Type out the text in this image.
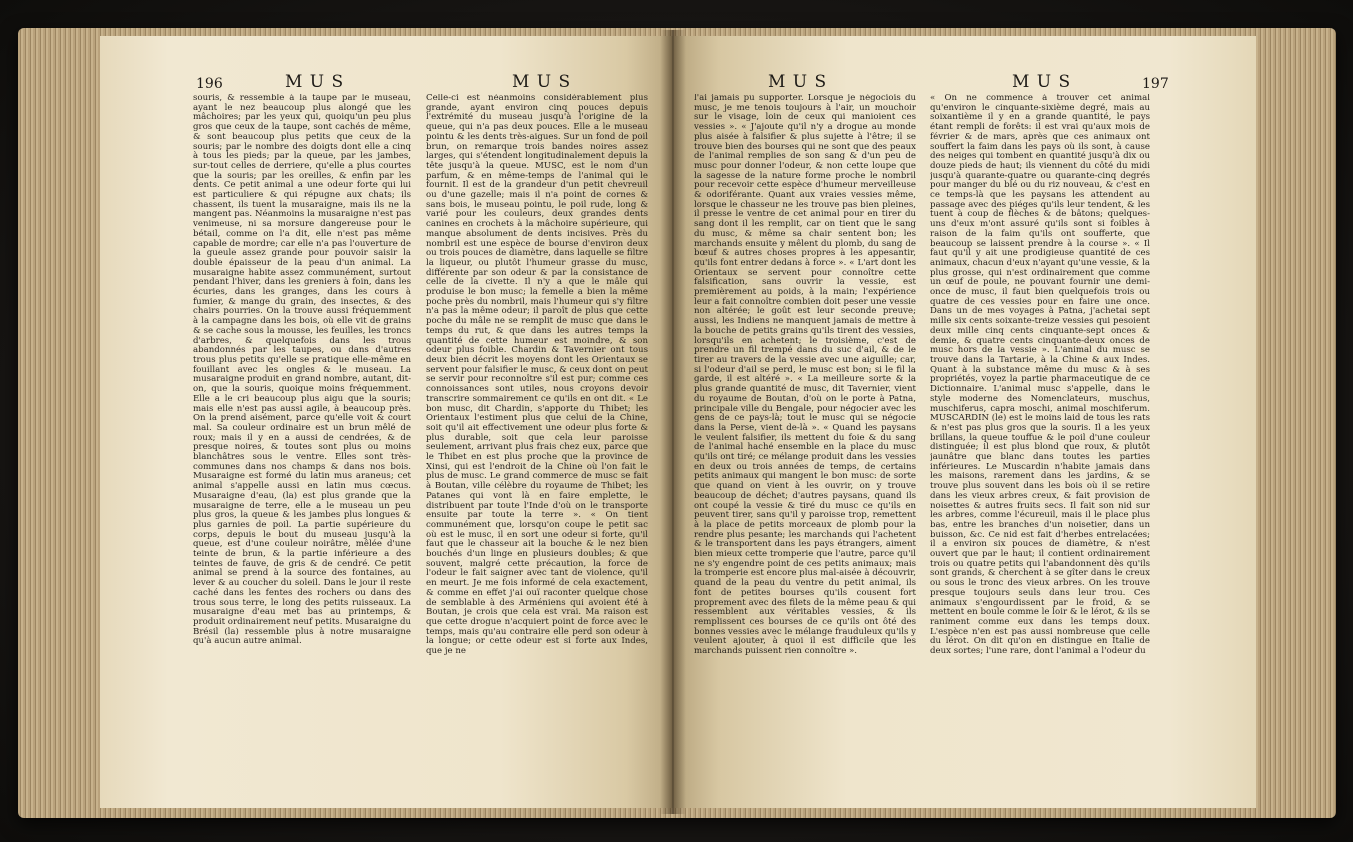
196	M U S	M U S	M U S	M U S	197

souris, & ressemble à la taupe par le museau, ayant le nez beaucoup plus alongé que les mâchoires; par les yeux qui, quoiqu'un peu plus gros que ceux de la taupe, sont cachés de même, & sont beaucoup plus petits que ceux de la souris; par le nombre des doigts dont elle a cinq à tous les pieds; par la queue, par les jambes, sur-tout celles de derriere, qu'elle a plus courtes que la souris; par les oreilles, & enfin par les dents. Ce petit animal a une odeur forte qui lui est particuliere & qui répugne aux chats; ils chassent, ils tuent la musaraigne, mais ils ne la mangent pas. Néanmoins la musaraigne n'est pas venimeuse, ni sa morsure dangereuse pour le bétail, comme on l'a dit, elle n'est pas même capable de mordre; car elle n'a pas l'ouverture de la gueule assez grande pour pouvoir saisir la double épaisseur de la peau d'un animal. La musaraigne habite assez communément, surtout pendant l'hiver, dans les greniers à foin, dans les écuries, dans les granges, dans les cours à fumier, & mange du grain, des insectes, & des chairs pourries. On la trouve aussi fréquemment à la campagne dans les bois, où elle vit de grains & se cache sous la mousse, les feuilles, les troncs d'arbres, & quelquefois dans les trous abandonnés par les taupes, ou dans d'autres trous plus petits qu'elle se pratique elle-même en fouillant avec les ongles & le museau. La musaraigne produit en grand nombre, autant, dit-on, que la souris, quoique moins fréquemment. Elle a le cri beaucoup plus aigu que la souris; mais elle n'est pas aussi agile, à beaucoup près. On la prend aisément, parce qu'elle voit & court mal. Sa couleur ordinaire est un brun mêlé de roux; mais il y en a aussi de cendrées, & de presque noires, & toutes sont plus ou moins blanchâtres sous le ventre. Elles sont très-communes dans nos champs & dans nos bois. Musaraigne est formé du latin mus araneus; cet animal s'appelle aussi en latin mus cœcus. Musaraigne d'eau, (la) est plus grande que la musaraigne de terre, elle a le museau un peu plus gros, la queue & les jambes plus longues & plus garnies de poil. La partie supérieure du corps, depuis le bout du museau jusqu'à la queue, est d'une couleur noirâtre, mêlée d'une teinte de brun, & la partie inférieure a des teintes de fauve, de gris & de cendré. Ce petit animal se prend à la source des fontaines, au lever & au coucher du soleil. Dans le jour il reste caché dans les fentes des rochers ou dans des trous sous terre, le long des petits ruisseaux. La musaraigne d'eau met bas au printemps, & produit ordinairement neuf petits. Musaraigne du Brésil (la) ressemble plus à notre musaraigne qu'à aucun autre animal.

Celle-ci est néanmoins considérablement plus grande, ayant environ cinq pouces depuis l'extrémité du museau jusqu'à l'origine de la queue, qui n'a pas deux pouces. Elle a le museau pointu & les dents très-aigues. Sur un fond de poil brun, on remarque trois bandes noires assez larges, qui s'étendent longitudinalement depuis la tête jusqu'à la queue. MUSC, est le nom d'un parfum, & en même-temps de l'animal qui le fournit. Il est de la grandeur d'un petit chevreuil ou d'une gazelle; mais il n'a point de cornes & sans bois, le museau pointu, le poil rude, long & varié pour les couleurs, deux grandes dents canines en crochets à la mâchoire supérieure, qui manque absolument de dents incisives. Près du nombril est une espèce de bourse d'environ deux ou trois pouces de diamètre, dans laquelle se filtre la liqueur, ou plutôt l'humeur grasse du musc, différente par son odeur & par la consistance de celle de la civette. Il n'y a que le mâle qui produise le bon musc; la femelle a bien la même poche près du nombril, mais l'humeur qui s'y filtre n'a pas la même odeur; il paroît de plus que cette poche du mâle ne se remplit de musc que dans le temps du rut, & que dans les autres temps la quantité de cette humeur est moindre, & son odeur plus foible. Chardin & Tavernier ont tous deux bien décrit les moyens dont les Orientaux se servent pour falsifier le musc, & ceux dont on peut se servir pour reconnoître s'il est pur; comme ces connoissances sont utiles, nous croyons devoir transcrire sommairement ce qu'ils en ont dit. « Le bon musc, dit Chardin, s'apporte du Thibet; les Orientaux l'estiment plus que celui de la Chine, soit qu'il ait effectivement une odeur plus forte & plus durable, soit que cela leur paroisse seulement, arrivant plus frais chez eux, parce que le Thibet en est plus proche que la province de Xinsi, qui est l'endroit de la Chine où l'on fait le plus de musc. Le grand commerce de musc se fait à Boutan, ville célèbre du royaume de Thibet; les Patanes qui vont là en faire emplette, le distribuent par toute l'Inde d'où on le transporte ensuite par toute la terre ». « On tient communément que, lorsqu'on coupe le petit sac où est le musc, il en sort une odeur si forte, qu'il faut que le chasseur ait la bouche & le nez bien bouchés d'un linge en plusieurs doubles; & que souvent, malgré cette précaution, la force de l'odeur le fait saigner avec tant de violence, qu'il en meurt. Je me fois informé de cela exactement, & comme en effet j'ai ouï raconter quelque chose de semblable à des Arméniens qui avoient été à Boutan, je crois que cela est vrai. Ma raison est que cette drogue n'acquiert point de force avec le temps, mais qu'au contraire elle perd son odeur à la longue; or cette odeur est si forte aux Indes, que je ne

l'ai jamais pu supporter. Lorsque je négociois du musc, je me tenois toujours à l'air, un mouchoir sur le visage, loin de ceux qui manioient ces vessies ». « J'ajoute qu'il n'y a drogue au monde plus aisée à falsifier & plus sujette à l'être; il se trouve bien des bourses qui ne sont que des peaux de l'animal remplies de son sang & d'un peu de musc pour donner l'odeur, & non cette loupe que la sagesse de la nature forme proche le nombril pour recevoir cette espèce d'humeur merveilleuse & odoriférante. Quant aux vraies vessies même, lorsque le chasseur ne les trouve pas bien pleines, il presse le ventre de cet animal pour en tirer du sang dont il les remplit, car on tient que le sang du musc, & même sa chair sentent bon; les marchands ensuite y mêlent du plomb, du sang de bœuf & autres choses propres à les appesantir, qu'ils font entrer dedans à force ». « L'art dont les Orientaux se servent pour connoître cette falsification, sans ouvrir la vessie, est premièrement au poids, à la main; l'expérience leur a fait connoître combien doit peser une vessie non altérée; le goût est leur seconde preuve; aussi, les Indiens ne manquent jamais de mettre à la bouche de petits grains qu'ils tirent des vessies, lorsqu'ils en achetent; le troisième, c'est de prendre un fil trempé dans du suc d'ail, & de le tirer au travers de la vessie avec une aiguille; car, si l'odeur d'ail se perd, le musc est bon; si le fil la garde, il est altéré ». « La meilleure sorte & la plus grande quantité de musc, dit Tavernier, vient du royaume de Boutan, d'où on le porte à Patna, principale ville du Bengale, pour négocier avec les gens de ce pays-là; tout le musc qui se négocie dans la Perse, vient de-là ». « Quand les paysans le veulent falsifier, ils mettent du foie & du sang de l'animal haché ensemble en la place du musc qu'ils ont tiré; ce mélange produit dans les vessies en deux ou trois années de temps, de certains petits animaux qui mangent le bon musc: de sorte que quand on vient à les ouvrir, on y trouve beaucoup de déchet; d'autres paysans, quand ils ont coupé la vessie & tiré du musc ce qu'ils en peuvent tirer, sans qu'il y paroisse trop, remettent à la place de petits morceaux de plomb pour la rendre plus pesante; les marchands qui l'achetent & le transportent dans les pays étrangers, aiment bien mieux cette tromperie que l'autre, parce qu'il ne s'y engendre point de ces petits animaux; mais la tromperie est encore plus mal-aisée à découvrir, quand de la peau du ventre du petit animal, ils font de petites bourses qu'ils cousent fort proprement avec des filets de la même peau & qui ressemblent aux véritables vessies, & ils remplissent ces bourses de ce qu'ils ont ôté des bonnes vessies avec le mélange frauduleux qu'ils y veulent ajouter, à quoi il est difficile que les marchands puissent rien connoître ».

« On ne commence à trouver cet animal qu'environ le cinquante-sixième degré, mais au soixantième il y en a grande quantité, le pays étant rempli de forêts: il est vrai qu'aux mois de février & de mars, après que ces animaux ont souffert la faim dans les pays où ils sont, à cause des neiges qui tombent en quantité jusqu'à dix ou douze pieds de haut; ils viennent du côté du midi jusqu'à quarante-quatre ou quarante-cinq degrés pour manger du blé ou du riz nouveau, & c'est en ce temps-là que les paysans les attendent au passage avec des piéges qu'ils leur tendent, & les tuent à coup de flèches & de bâtons; quelques-uns d'eux m'ont assuré qu'ils sont si foibles à raison de la faim qu'ils ont soufferte, que beaucoup se laissent prendre à la course ». « Il faut qu'il y ait une prodigieuse quantité de ces animaux, chacun d'eux n'ayant qu'une vessie, & la plus grosse, qui n'est ordinairement que comme un œuf de poule, ne pouvant fournir une demi-once de musc, il faut bien quelquefois trois ou quatre de ces vessies pour en faire une once. Dans un de mes voyages à Patna, j'achetai sept mille six cents soixante-treize vessies qui pesoient deux mille cinq cents cinquante-sept onces & demie, & quatre cents cinquante-deux onces de musc hors de la vessie ». L'animal du musc se trouve dans la Tartarie, à la Chine & aux Indes. Quant à la substance même du musc & à ses propriétés, voyez la partie pharmaceutique de ce Dictionnaire. L'animal musc s'appelle, dans le style moderne des Nomenclateurs, muschus, muschiferus, capra moschi, animal moschiferum. MUSCARDIN (le) est le moins laid de tous les rats & n'est pas plus gros que la souris. Il a les yeux brillans, la queue touffue & le poil d'une couleur distinguée; il est plus blond que roux, & plutôt jaunâtre que blanc dans toutes les parties inférieures. Le Muscardin n'habite jamais dans les maisons, rarement dans les jardins, & se trouve plus souvent dans les bois où il se retire dans les vieux arbres creux, & fait provision de noisettes & autres fruits secs. Il fait son nid sur les arbres, comme l'écureuil, mais il le place plus bas, entre les branches d'un noisetier, dans un buisson, &c. Ce nid est fait d'herbes entrelacées; il a environ six pouces de diamètre, & n'est ouvert que par le haut; il contient ordinairement trois ou quatre petits qui l'abandonnent dès qu'ils sont grands, & cherchent à se gîter dans le creux ou sous le tronc des vieux arbres. On les trouve presque toujours seuls dans leur trou. Ces animaux s'engourdissent par le froid, & se mettent en boule comme le loir & le lérot, & ils se raniment comme eux dans les temps doux. L'espèce n'en est pas aussi nombreuse que celle du lérot. On dit qu'on en distingue en Italie de deux sortes; l'une rare, dont l'animal a l'odeur du
